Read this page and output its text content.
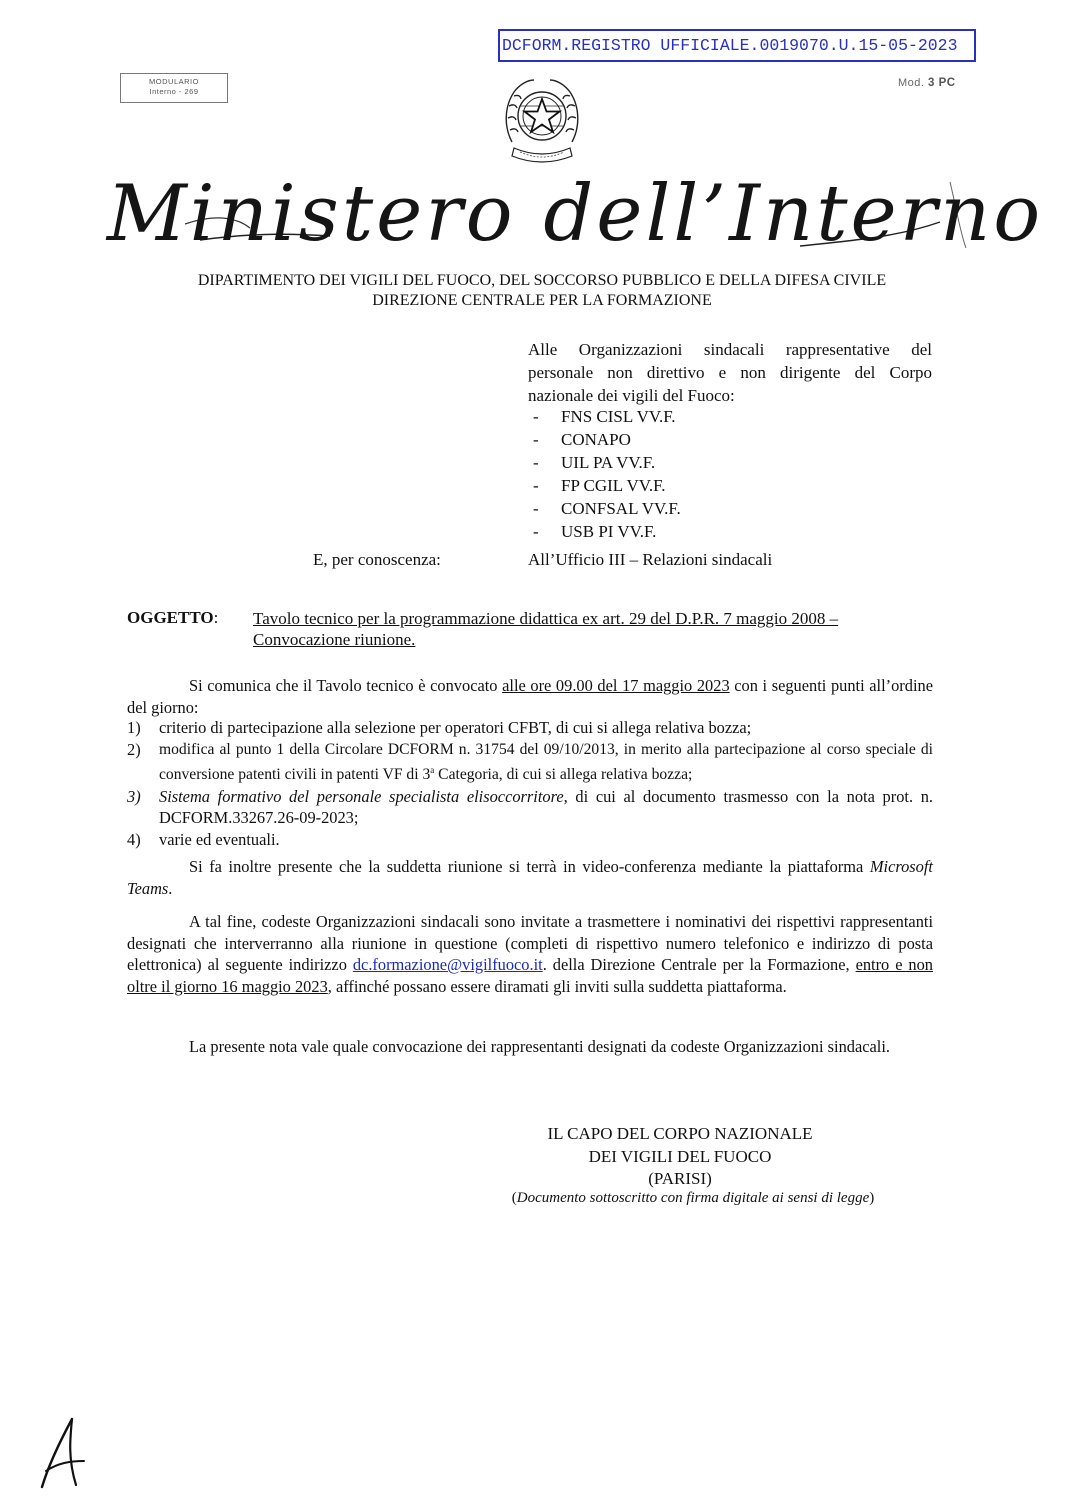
DCFORM.REGISTRO UFFICIALE.0019070.U.15-05-2023
MODULARIO
Interno - 269
Mod. 3 PC
Ministero dell’Interno
DIPARTIMENTO DEI VIGILI DEL FUOCO, DEL SOCCORSO PUBBLICO E DELLA DIFESA CIVILE
DIREZIONE CENTRALE PER LA FORMAZIONE
Alle Organizzazioni sindacali rappresentative del personale non direttivo e non dirigente del Corpo nazionale dei vigili del Fuoco:
- FNS CISL VV.F.
- CONAPO
- UIL PA VV.F.
- FP CGIL VV.F.
- CONFSAL VV.F.
- USB PI VV.F.
E, per conoscenza:	All’Ufficio III – Relazioni sindacali
OGGETTO: Tavolo tecnico per la programmazione didattica ex art. 29 del D.P.R. 7 maggio 2008 –
Convocazione riunione.
Si comunica che il Tavolo tecnico è convocato alle ore 09.00 del 17 maggio 2023 con i seguenti punti all’ordine del giorno:
1) criterio di partecipazione alla selezione per operatori CFBT, di cui si allega relativa bozza;
2) modifica al punto 1 della Circolare DCFORM n. 31754 del 09/10/2013, in merito alla partecipazione al corso speciale di conversione patenti civili in patenti VF di 3$^a$ Categoria, di cui si allega relativa bozza;
3) Sistema formativo del personale specialista elisoccorritore, di cui al documento trasmesso con la nota prot. n. DCFORM.33267.26-09-2023;
4) varie ed eventuali.
Si fa inoltre presente che la suddetta riunione si terrà in video-conferenza mediante la piattaforma Microsoft Teams.
A tal fine, codeste Organizzazioni sindacali sono invitate a trasmettere i nominativi dei rispettivi rappresentanti designati che interverranno alla riunione in questione (completi di rispettivo numero telefonico e indirizzo di posta elettronica) al seguente indirizzo dc.formazione@vigilfuoco.it. della Direzione Centrale per la Formazione, entro e non oltre il giorno 16 maggio 2023, affinché possano essere diramati gli inviti sulla suddetta piattaforma.
La presente nota vale quale convocazione dei rappresentanti designati da codeste Organizzazioni sindacali.
IL CAPO DEL CORPO NAZIONALE
DEI VIGILI DEL FUOCO
(PARISI)
(Documento sottoscritto con firma digitale ai sensi di legge)
